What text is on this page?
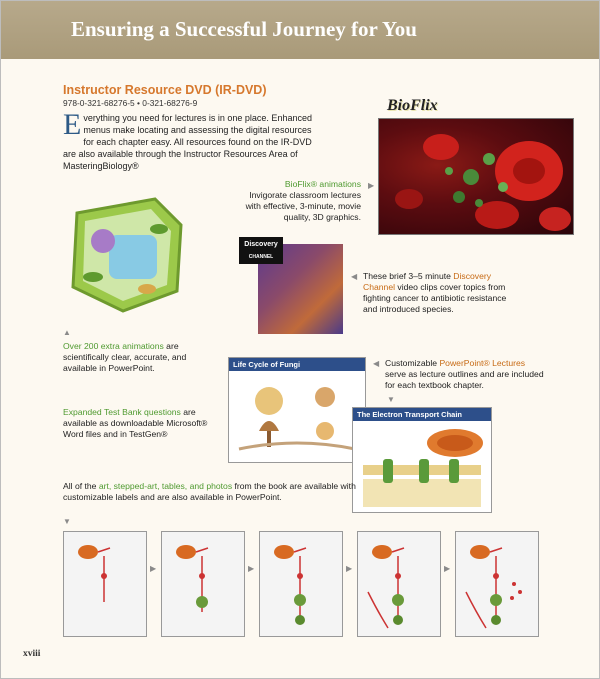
Ensuring a Successful Journey for You
Instructor Resource DVD (IR-DVD)
978-0-321-68276-5 • 0-321-68276-9
Everything you need for lectures is in one place. Enhanced menus make locating and assessing the digital resources for each chapter easy. All resources found on the IR-DVD are also available through the Instructor Resources Area of MasteringBiology®
BioFlix
▶
BioFlix® animations
Invigorate classroom lectures with effective, 3-minute, movie quality, 3D graphics.
▲
Over 200 extra animations are scientifically clear, accurate, and available in PowerPoint.
Discovery
CHANNEL
◀ These brief 3–5 minute Discovery Channel video clips cover topics from fighting cancer to antibiotic resistance and introduced species.
Life Cycle of Fungi	◀ Customizable PowerPoint® Lectures serve as lecture outlines and are included for each textbook chapter.
▼
The Electron Transport Chain
Expanded Test Bank questions are available as downloadable Microsoft® Word files and in TestGen®
All of the art, stepped-art, tables, and photos from the book are available with customizable labels and are also available in PowerPoint.
▼
▶	▶	▶	▶
xviii
